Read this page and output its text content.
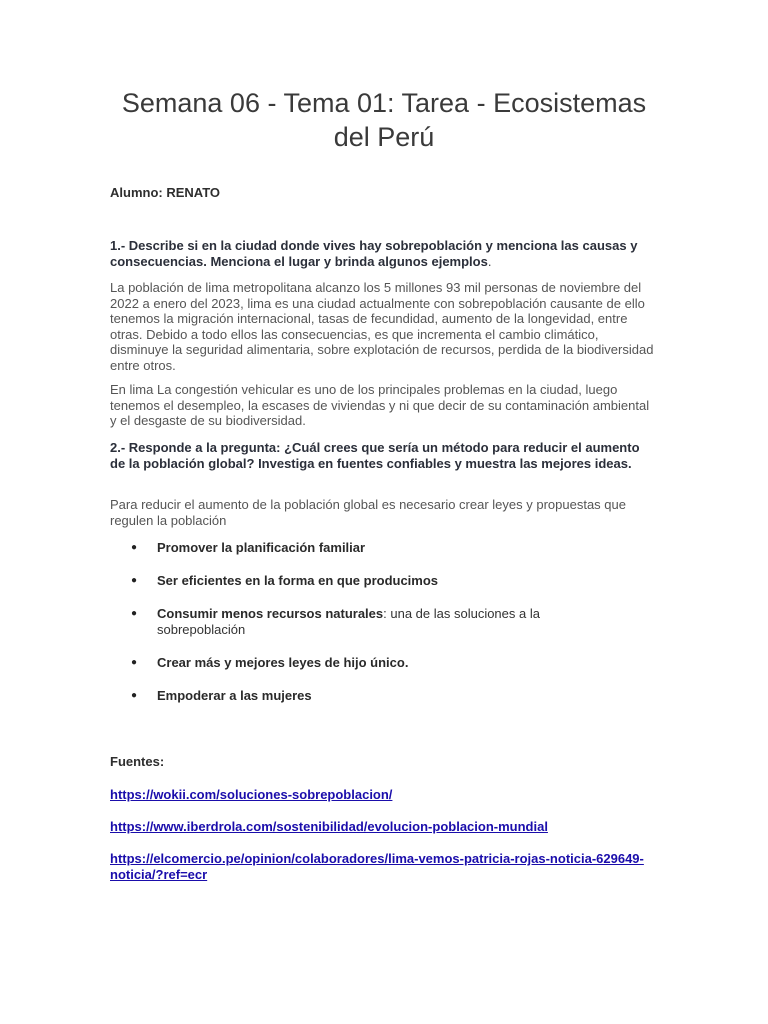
Semana 06 - Tema 01: Tarea - Ecosistemas
del Perú

Alumno: RENATO

1.- Describe si en la ciudad donde vives hay sobrepoblación y menciona las causas y consecuencias. Menciona el lugar y brinda algunos ejemplos.

La población de lima metropolitana alcanzo los 5 millones 93 mil personas de noviembre del 2022 a enero del 2023, lima es una ciudad actualmente con sobrepoblación causante de ello tenemos la migración internacional, tasas de fecundidad, aumento de la longevidad, entre otras. Debido a todo ellos las consecuencias, es que incrementa el cambio climático, disminuye la seguridad alimentaria, sobre explotación de recursos, perdida de la biodiversidad entre otros.

En lima La congestión vehicular es uno de los principales problemas en la ciudad, luego tenemos el desempleo, la escases de viviendas y ni que decir de su contaminación ambiental y el desgaste de su biodiversidad.

2.- Responde a la pregunta: ¿Cuál crees que sería un método para reducir el aumento de la población global? Investiga en fuentes confiables y muestra las mejores ideas.

Para reducir el aumento de la población global es necesario crear leyes y propuestas que regulen la población

● Promover la planificación familiar

● Ser eficientes en la forma en que producimos

● Consumir menos recursos naturales: una de las soluciones a la sobrepoblación

● Crear más y mejores leyes de hijo único.

● Empoderar a las mujeres

Fuentes:

https://wokii.com/soluciones-sobrepoblacion/

https://www.iberdrola.com/sostenibilidad/evolucion-poblacion-mundial

https://elcomercio.pe/opinion/colaboradores/lima-vemos-patricia-rojas-noticia-629649-noticia/?ref=ecr
